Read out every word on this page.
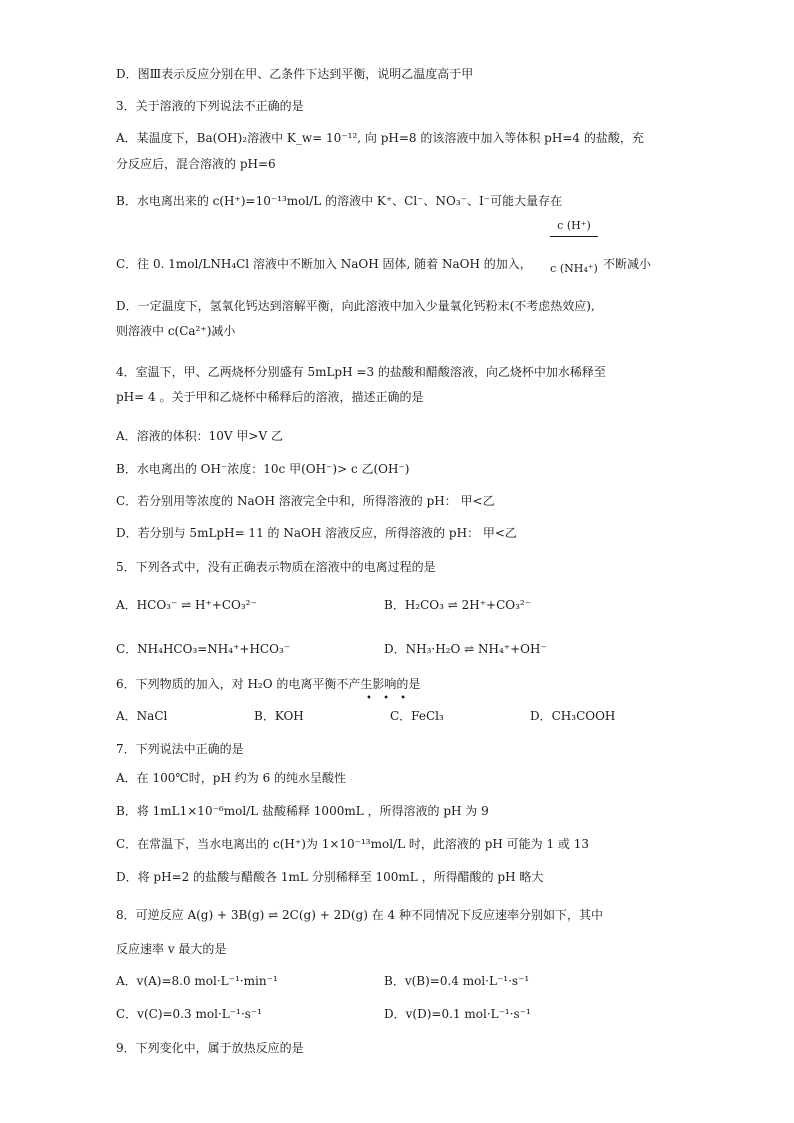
D．图Ⅲ表示反应分别在甲、乙条件下达到平衡，说明乙温度高于甲
3．关于溶液的下列说法不正确的是
A．某温度下，Ba(OH)₂溶液中 K_w= 10⁻¹², 向 pH=8 的该溶液中加入等体积 pH=4 的盐酸，充
分反应后，混合溶液的 pH=6
B．水电离出来的 c(H⁺)=10⁻¹³mol/L 的溶液中 K⁺、Cl⁻、NO₃⁻、I⁻可能大量存在
c (H⁺)
c (NH₄⁺)
C．往 0. 1mol/LNH₄Cl 溶液中不断加入 NaOH 固体, 随着 NaOH 的加入，	不断减小
D．一定温度下，氢氧化钙达到溶解平衡，向此溶液中加入少量氧化钙粉末(不考虑热效应),
则溶液中 c(Ca²⁺)减小
4．室温下，甲、乙两烧杯分别盛有 5mLpH =3 的盐酸和醋酸溶液，向乙烧杯中加水稀释至
pH= 4 。关于甲和乙烧杯中稀释后的溶液，描述正确的是
A．溶液的体积：10V 甲>V 乙
B．水电离出的 OH⁻浓度：10c 甲(OH⁻)> c 乙(OH⁻)
C．若分别用等浓度的 NaOH 溶液完全中和，所得溶液的 pH： 甲<乙
D．若分别与 5mLpH= 11 的 NaOH 溶液反应，所得溶液的 pH： 甲<乙
5．下列各式中，没有正确表示物质在溶液中的电离过程的是
A．HCO₃⁻ ⇌ H⁺+CO₃²⁻	B．H₂CO₃ ⇌ 2H⁺+CO₃²⁻
C．NH₄HCO₃=NH₄⁺+HCO₃⁻	D．NH₃·H₂O ⇌ NH₄⁺+OH⁻
6．下列物质的加入，对 H₂O 的电离平衡不产生影响的是
• • •
A．NaCl	B．KOH	C．FeCl₃	D．CH₃COOH
7．下列说法中正确的是
A．在 100℃时，pH 约为 6 的纯水呈酸性
B．将 1mL1×10⁻⁶mol/L 盐酸稀释 1000mL ，所得溶液的 pH 为 9
C．在常温下，当水电离出的 c(H⁺)为 1×10⁻¹³mol/L 时，此溶液的 pH 可能为 1 或 13
D．将 pH=2 的盐酸与醋酸各 1mL 分别稀释至 100mL ，所得醋酸的 pH 略大
8．可逆反应 A(g) + 3B(g) ⇌ 2C(g) + 2D(g) 在 4 种不同情况下反应速率分别如下，其中
反应速率 v 最大的是
A．v(A)=8.0 mol·L⁻¹·min⁻¹	B．v(B)=0.4 mol·L⁻¹·s⁻¹
C．v(C)=0.3 mol·L⁻¹·s⁻¹	D．v(D)=0.1 mol·L⁻¹·s⁻¹
9．下列变化中，属于放热反应的是
